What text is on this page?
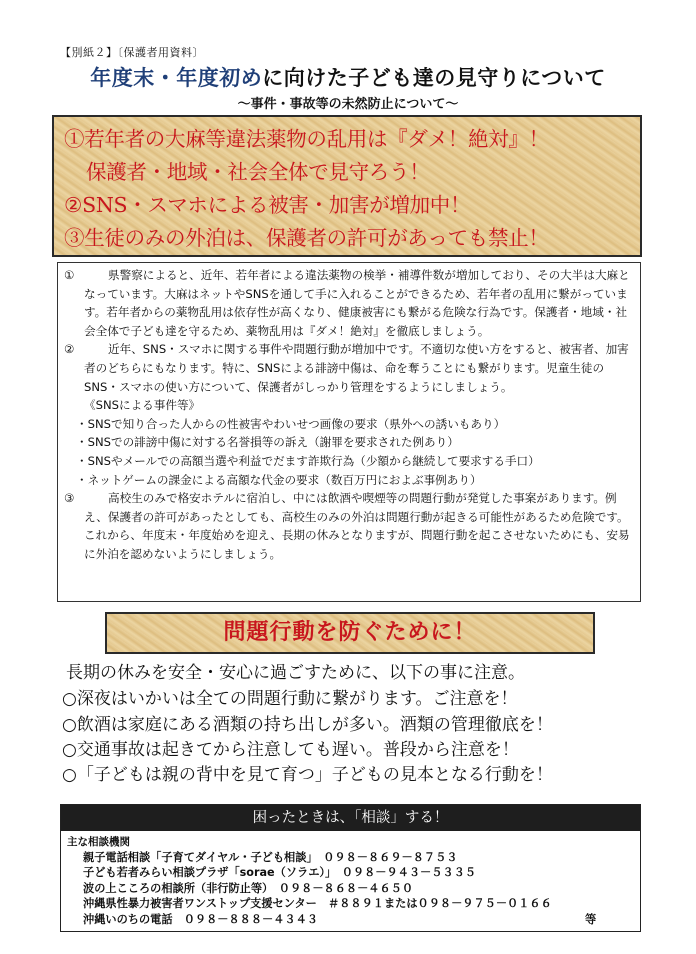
【別紙２】〔保護者用資料〕
年度末・年度初めに向けた子ども達の見守りについて
～事件・事故等の未然防止について～
①若年者の大麻等違法薬物の乱用は『ダメ！絶対』！
保護者・地域・社会全体で見守ろう！
②SNS・スマホによる被害・加害が増加中！
③生徒のみの外泊は、保護者の許可があっても禁止！
①	県警察によると、近年、若年者による違法薬物の検挙・補導件数が増加しており、その大半は大麻となっています。大麻はネットやSNSを通して手に入れることができるため、若年者の乱用に繋がっています。若年者からの薬物乱用は依存性が高くなり、健康被害にも繋がる危険な行為です。保護者・地域・社会全体で子ども達を守るため、薬物乱用は『ダメ！絶対』を徹底しましょう。
②	近年、SNS・スマホに関する事件や問題行動が増加中です。不適切な使い方をすると、被害者、加害者のどちらにもなります。特に、SNSによる誹謗中傷は、命を奪うことにも繋がります。児童生徒のSNS・スマホの使い方について、保護者がしっかり管理をするようにしましょう。
《SNSによる事件等》
・SNSで知り合った人からの性被害やわいせつ画像の要求（県外への誘いもあり）
・SNSでの誹謗中傷に対する名誉損等の訴え（謝罪を要求された例あり）
・SNSやメールでの高額当選や利益でだます詐欺行為（少額から継続して要求する手口）
・ネットゲームの課金による高額な代金の要求（数百万円におよぶ事例あり）
③	高校生のみで格安ホテルに宿泊し、中には飲酒や喫煙等の問題行動が発覚した事案があります。例え、保護者の許可があったとしても、高校生のみの外泊は問題行動が起きる可能性があるため危険です。これから、年度末・年度始めを迎え、長期の休みとなりますが、問題行動を起こさせないためにも、安易に外泊を認めないようにしましょう。
問題行動を防ぐために！
長期の休みを安全・安心に過ごすために、以下の事に注意。
○深夜はいかいは全ての問題行動に繋がります。ご注意を！
○飲酒は家庭にある酒類の持ち出しが多い。酒類の管理徹底を！
○交通事故は起きてから注意しても遅い。普段から注意を！
○「子どもは親の背中を見て育つ」子どもの見本となる行動を！
困ったときは、「相談」する！
主な相談機関
親子電話相談「子育てダイヤル・子ども相談」　０９８－８６９－８７５３
子ども若者みらい相談プラザ「sorae（ソラエ）」　０９８－９４３－５３３５
波の上こころの相談所（非行防止等）　０９８－８６８－４６５０
沖縄県性暴力被害者ワンストップ支援センター　＃８８９１または０９８－９７５－０１６６
沖縄いのちの電話　０９８－８８８－４３４３	等
